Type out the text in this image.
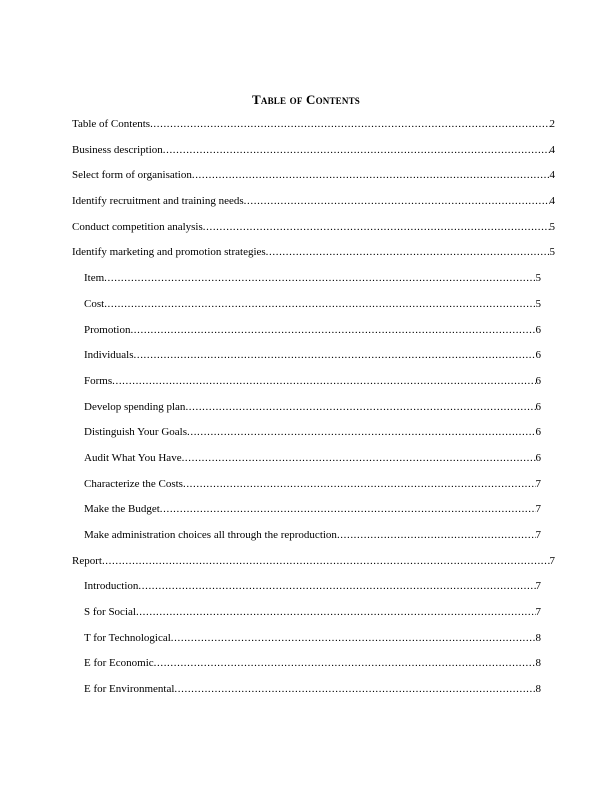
Table of Contents
Table of Contents .....	2
Business description .....	4
Select form of organisation .....	4
Identify recruitment and training needs .....	4
Conduct competition analysis .....	5
Identify marketing and promotion strategies .....	5
Item .....	5
Cost .....	5
Promotion .....	6
Individuals .....	6
Forms .....	6
Develop spending plan .....	6
Distinguish Your Goals .....	6
Audit What You Have .....	6
Characterize the Costs .....	7
Make the Budget .....	7
Make administration choices all through the reproduction .....	7
Report .....	7
Introduction .....	7
S for Social .....	7
T for Technological .....	8
E for Economic .....	8
E for Environmental .....	8
